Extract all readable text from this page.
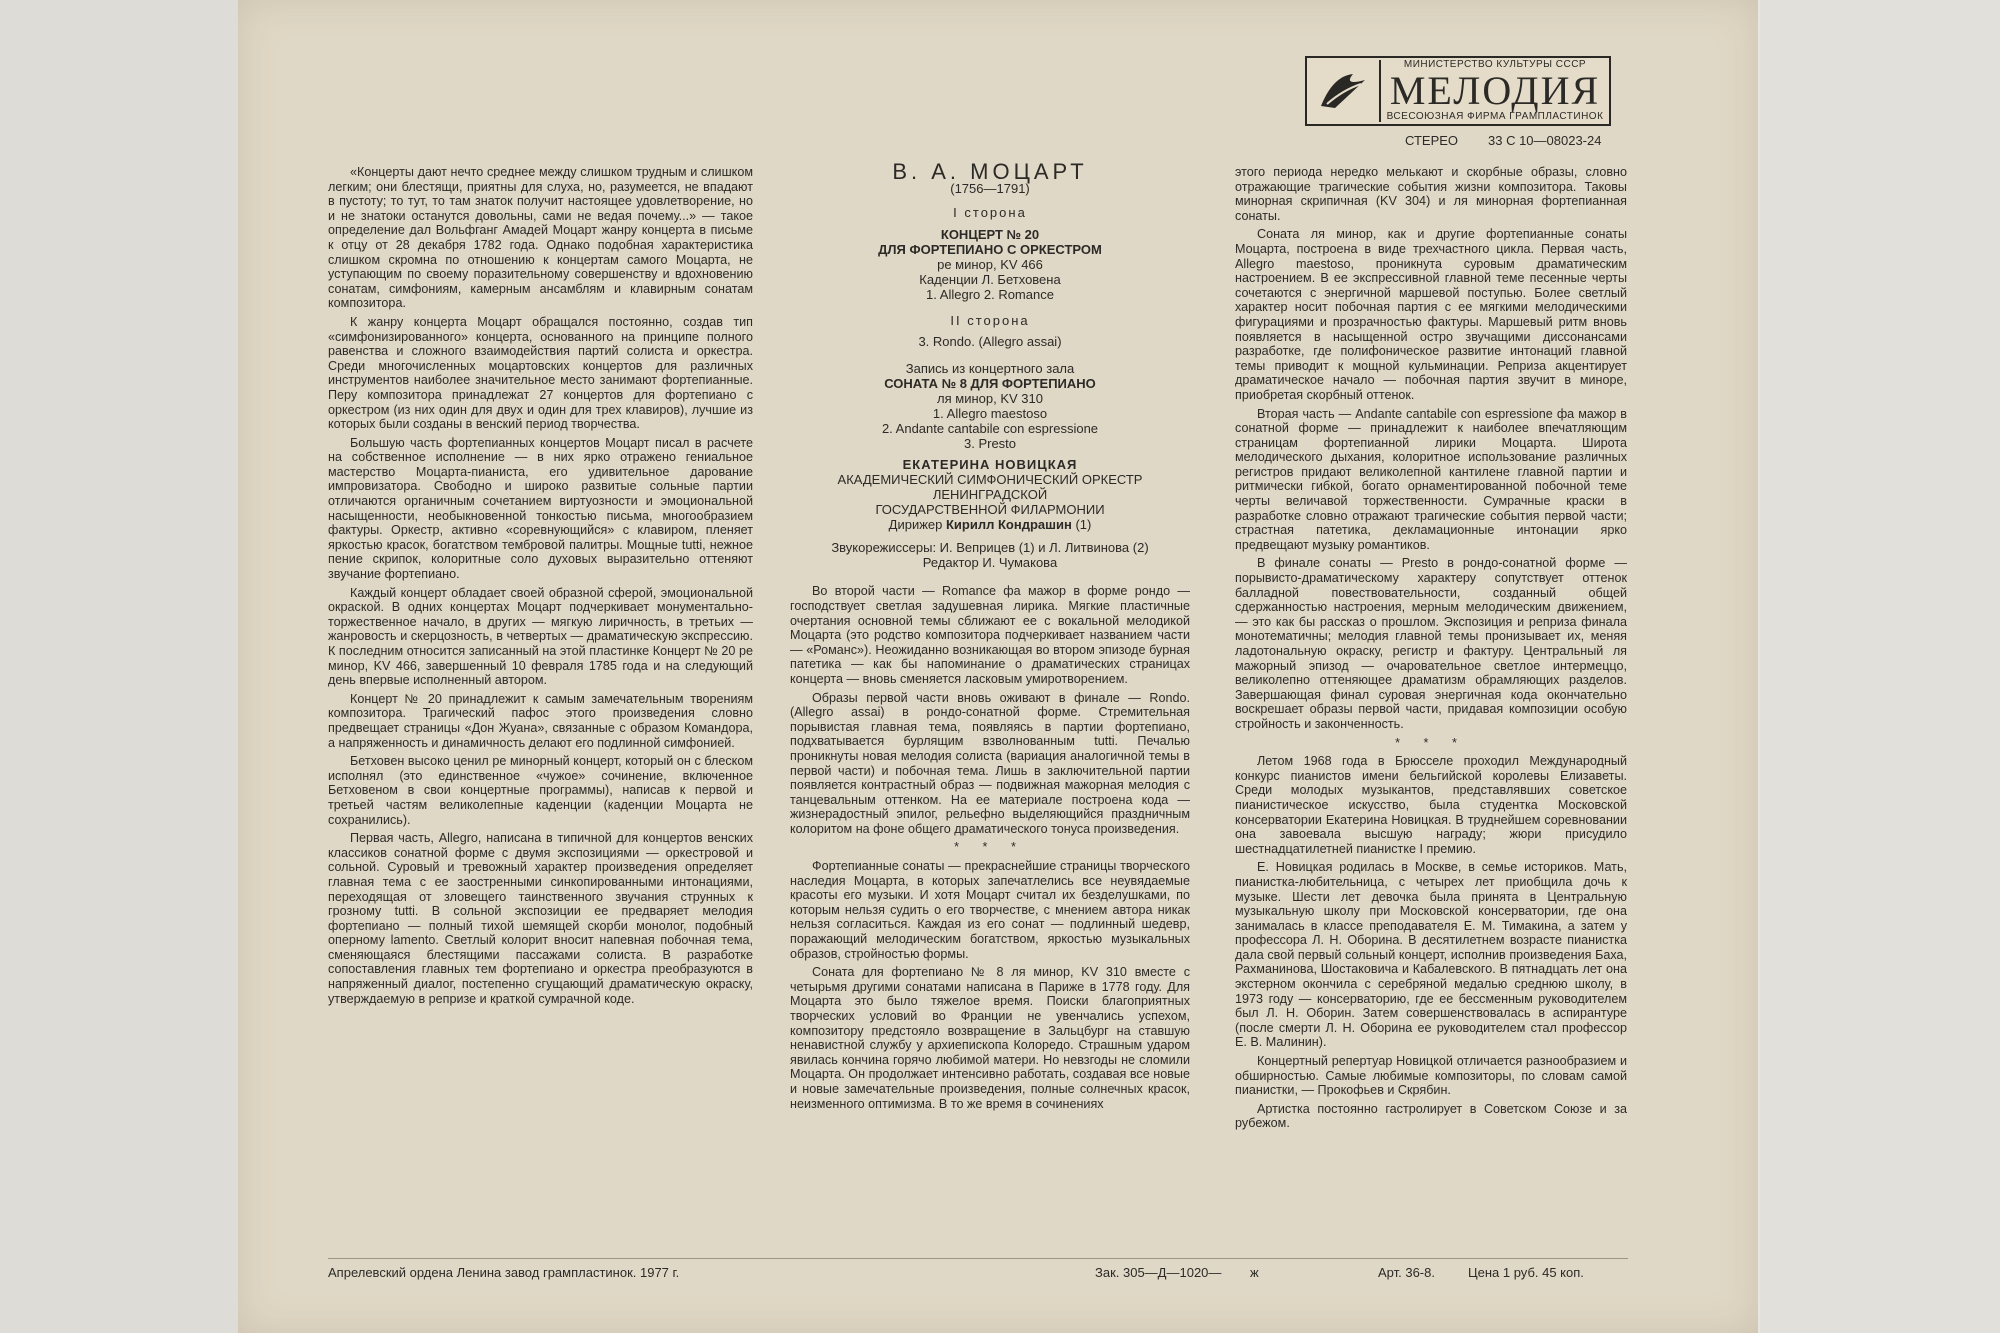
МИНИСТЕРСТВО КУЛЬТУРЫ СССР
МЕЛОДИЯ
ВСЕСОЮЗНАЯ ФИРМА ГРАМПЛАСТИНОК
СТЕРЕО 33 С 10—08023-24

«Концерты дают нечто среднее между слишком трудным и слишком легким; они блестящи, приятны для слуха, но, разумеется, не впадают в пустоту; то тут, то там знаток получит настоящее удовлетворение, но и не знатоки останутся довольны, сами не ведая почему...» — такое определение дал Вольфганг Амадей Моцарт жанру концерта в письме к отцу от 28 декабря 1782 года. Однако подобная характеристика слишком скромна по отношению к концертам самого Моцарта, не уступающим по своему поразительному совершенству и вдохновению сонатам, симфониям, камерным ансамблям и клавирным сонатам композитора.

К жанру концерта Моцарт обращался постоянно, создав тип «симфонизированного» концерта, основанного на принципе полного равенства и сложного взаимодействия партий солиста и оркестра. Среди многочисленных моцартовских концертов для различных инструментов наиболее значительное место занимают фортепианные. Перу композитора принадлежат 27 концертов для фортепиано с оркестром (из них один для двух и один для трех клавиров), лучшие из которых были созданы в венский период творчества.

Большую часть фортепианных концертов Моцарт писал в расчете на собственное исполнение — в них ярко отражено гениальное мастерство Моцарта-пианиста, его удивительное дарование импровизатора. Свободно и широко развитые сольные партии отличаются органичным сочетанием виртуозности и эмоциональной насыщенности, необыкновенной тонкостью письма, многообразием фактуры. Оркестр, активно «соревнующийся» с клавиром, пленяет яркостью красок, богатством тембровой палитры. Мощные tutti, нежное пение скрипок, колоритные соло духовых выразительно оттеняют звучание фортепиано.

Каждый концерт обладает своей образной сферой, эмоциональной окраской. В одних концертах Моцарт подчеркивает монументально-торжественное начало, в других — мягкую лиричность, в третьих — жанровость и скерцозность, в четвертых — драматическую экспрессию. К последним относится записанный на этой пластинке Концерт № 20 ре минор, KV 466, завершенный 10 февраля 1785 года и на следующий день впервые исполненный автором.

Концерт № 20 принадлежит к самым замечательным творениям композитора. Трагический пафос этого произведения словно предвещает страницы «Дон Жуана», связанные с образом Командора, а напряженность и динамичность делают его подлинной симфонией.

Бетховен высоко ценил ре минорный концерт, который он с блеском исполнял (это единственное «чужое» сочинение, включенное Бетховеном в свои концертные программы), написав к первой и третьей частям великолепные каденции (каденции Моцарта не сохранились).

Первая часть, Allegro, написана в типичной для концертов венских классиков сонатной форме с двумя экспозициями — оркестровой и сольной. Суровый и тревожный характер произведения определяет главная тема с ее заостренными синкопированными интонациями, переходящая от зловещего таинственного звучания струнных к грозному tutti. В сольной экспозиции ее предваряет мелодия фортепиано — полный тихой шемящей скорби монолог, подобный оперному lamento. Светлый колорит вносит напевная побочная тема, сменяющаяся блестящими пассажами солиста. В разработке сопоставления главных тем фортепиано и оркестра преобразуются в напряженный диалог, постепенно сгущающий драматическую окраску, утверждаемую в репризе и краткой сумрачной коде.

В. А. МОЦАРТ
(1756—1791)
I сторона
КОНЦЕРТ № 20
ДЛЯ ФОРТЕПИАНО С ОРКЕСТРОМ
ре минор, KV 466
Каденции Л. Бетховена
1. Allegro 2. Romance
II сторона
3. Rondo. (Allegro assai)
Запись из концертного зала
СОНАТА № 8 ДЛЯ ФОРТЕПИАНО
ля минор, KV 310
1. Allegro maestoso
2. Andante cantabile con espressione
3. Presto
ЕКАТЕРИНА НОВИЦКАЯ
АКАДЕМИЧЕСКИЙ СИМФОНИЧЕСКИЙ ОРКЕСТР
ЛЕНИНГРАДСКОЙ
ГОСУДАРСТВЕННОЙ ФИЛАРМОНИИ
Дирижер Кирилл Кондрашин (1)
Звукорежиссеры: И. Веприцев (1) и Л. Литвинова (2)
Редактор И. Чумакова

Во второй части — Romance фа мажор в форме рондо — господствует светлая задушевная лирика. Мягкие пластичные очертания основной темы сближают ее с вокальной мелодикой Моцарта (это родство композитора подчеркивает названием части — «Романс»). Неожиданно возникающая во втором эпизоде бурная патетика — как бы напоминание о драматических страницах концерта — вновь сменяется ласковым умиротворением.

Образы первой части вновь оживают в финале — Rondo. (Allegro assai) в рондо-сонатной форме. Стремительная порывистая главная тема, появляясь в партии фортепиано, подхватывается бурлящим взволнованным tutti. Печалью проникнуты новая мелодия солиста (вариация аналогичной темы в первой части) и побочная тема. Лишь в заключительной партии появляется контрастный образ — подвижная мажорная мелодия с танцевальным оттенком. На ее материале построена кода — жизнерадостный эпилог, рельефно выделяющийся праздничным колоритом на фоне общего драматического тонуса произведения.

* * *

Фортепианные сонаты — прекраснейшие страницы творческого наследия Моцарта, в которых запечатлелись все неувядаемые красоты его музыки. И хотя Моцарт считал их безделушками, по которым нельзя судить о его творчестве, с мнением автора никак нельзя согласиться. Каждая из его сонат — подлинный шедевр, поражающий мелодическим богатством, яркостью музыкальных образов, стройностью формы.

Соната для фортепиано № 8 ля минор, KV 310 вместе с четырьмя другими сонатами написана в Париже в 1778 году. Для Моцарта это было тяжелое время. Поиски благоприятных творческих условий во Франции не увенчались успехом, композитору предстояло возвращение в Зальцбург на ставшую ненавистной службу у архиепископа Колоредо. Страшным ударом явилась кончина горячо любимой матери. Но невзгоды не сломили Моцарта. Он продолжает интенсивно работать, создавая все новые и новые замечательные произведения, полные солнечных красок, неизменного оптимизма. В то же время в сочинениях

этого периода нередко мелькают и скорбные образы, словно отражающие трагические события жизни композитора. Таковы минорная скрипичная (KV 304) и ля минорная фортепианная сонаты.

Соната ля минор, как и другие фортепианные сонаты Моцарта, построена в виде трехчастного цикла. Первая часть, Allegro maestoso, проникнута суровым драматическим настроением. В ее экспрессивной главной теме песенные черты сочетаются с энергичной маршевой поступью. Более светлый характер носит побочная партия с ее мягкими мелодическими фигурациями и прозрачностью фактуры. Маршевый ритм вновь появляется в насыщенной остро звучащими диссонансами разработке, где полифоническое развитие интонаций главной темы приводит к мощной кульминации. Реприза акцентирует драматическое начало — побочная партия звучит в миноре, приобретая скорбный оттенок.

Вторая часть — Andante cantabile con espressione фа мажор в сонатной форме — принадлежит к наиболее впечатляющим страницам фортепианной лирики Моцарта. Широта мелодического дыхания, колоритное использование различных регистров придают великолепной кантилене главной партии и ритмически гибкой, богато орнаментированной побочной теме черты величавой торжественности. Сумрачные краски в разработке словно отражают трагические события первой части; страстная патетика, декламационные интонации ярко предвещают музыку романтиков.

В финале сонаты — Presto в рондо-сонатной форме — порывисто-драматическому характеру сопутствует оттенок балладной повествовательности, созданный общей сдержанностью настроения, мерным мелодическим движением, — это как бы рассказ о прошлом. Экспозиция и реприза финала монотематичны; мелодия главной темы пронизывает их, меняя ладотональную окраску, регистр и фактуру. Центральный ля мажорный эпизод — очаровательное светлое интермеццо, великолепно оттеняющее драматизм обрамляющих разделов. Завершающая финал суровая энергичная кода окончательно воскрешает образы первой части, придавая композиции особую стройность и законченность.

* * *

Летом 1968 года в Брюсселе проходил Международный конкурс пианистов имени бельгийской королевы Елизаветы. Среди молодых музыкантов, представлявших советское пианистическое искусство, была студентка Московской консерватории Екатерина Новицкая. В труднейшем соревновании она завоевала высшую награду; жюри присудило шестнадцатилетней пианистке I премию.

Е. Новицкая родилась в Москве, в семье историков. Мать, пианистка-любительница, с четырех лет приобщила дочь к музыке. Шести лет девочка была принята в Центральную музыкальную школу при Московской консерватории, где она занималась в классе преподавателя Е. М. Тимакина, а затем у профессора Л. Н. Оборина. В десятилетнем возрасте пианистка дала свой первый сольный концерт, исполнив произведения Баха, Рахманинова, Шостаковича и Кабалевского. В пятнадцать лет она экстерном окончила с серебряной медалью среднюю школу, в 1973 году — консерваторию, где ее бессменным руководителем был Л. Н. Оборин. Затем совершенствовалась в аспирантуре (после смерти Л. Н. Оборина ее руководителем стал профессор Е. В. Малинин).

Концертный репертуар Новицкой отличается разнообразием и обширностью. Самые любимые композиторы, по словам самой пианистки, — Прокофьев и Скрябин.

Артистка постоянно гастролирует в Советском Союзе и за рубежом.

Апрелевский ордена Ленина завод грампластинок. 1977 г.	Зак. 305—Д—1020— ж	Арт. 36-8.	Цена 1 руб. 45 коп.
